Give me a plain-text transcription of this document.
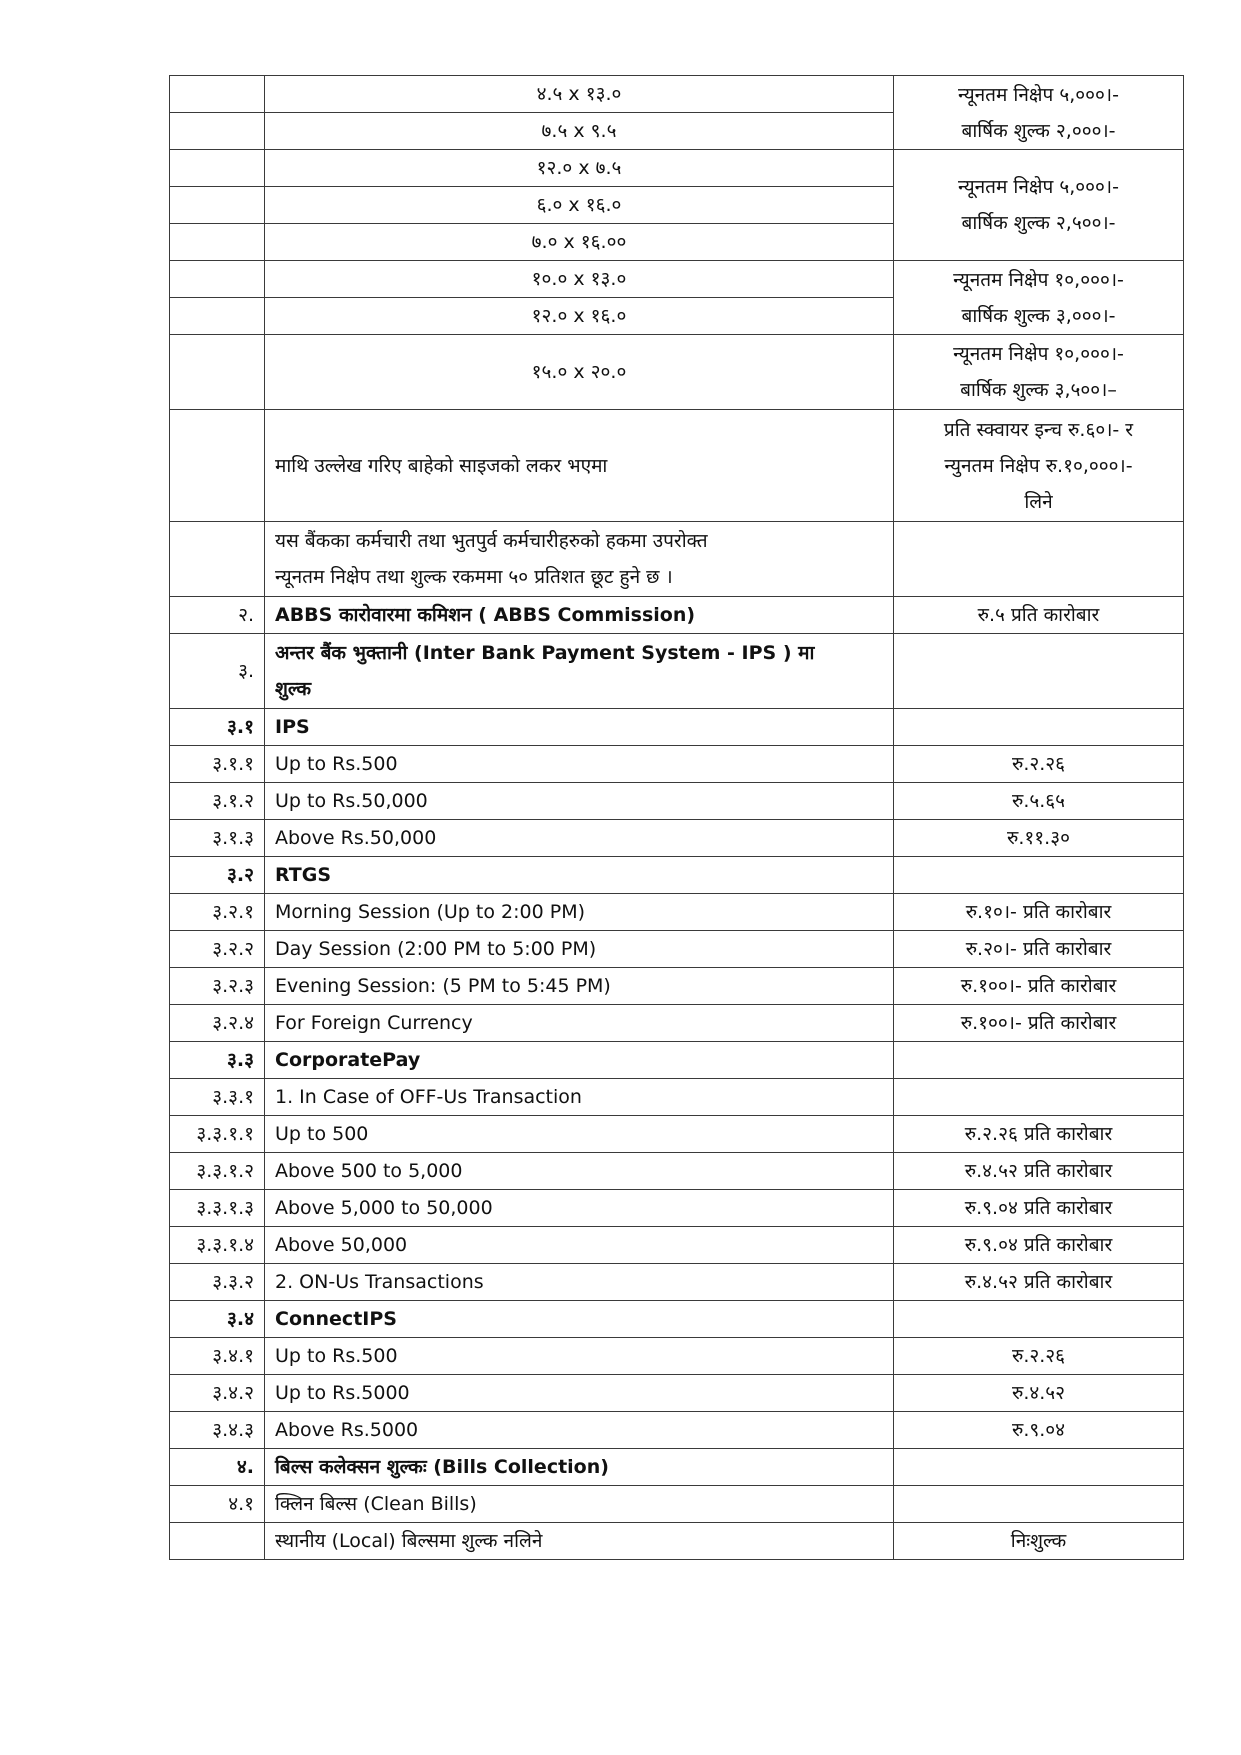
	४.५ x १३.०	न्यूनतम निक्षेप ५,०००।-
बार्षिक शुल्क २,०००।-

	७.५ x ९.५	
	१२.० x ७.५	न्यूनतम निक्षेप ५,०००।-
बार्षिक शुल्क २,५००।-

	६.० x १६.०	
	७.० x १६.००	
	१०.० x १३.०	न्यूनतम निक्षेप १०,०००।-
बार्षिक शुल्क ३,०००।-

	१२.० x १६.०	
	१५.० x २०.०	न्यूनतम निक्षेप १०,०००।-
बार्षिक शुल्क ३,५००।–

	माथि उल्लेख गरिए बाहेको साइजको लकर भएमा	प्रति स्क्वायर इन्च रु.६०।- र
न्युनतम निक्षेप रु.१०,०००।-
लिने

	यस बैंकका कर्मचारी तथा भुतपुर्व कर्मचारीहरुको हकमा उपरोक्त
न्यूनतम निक्षेप तथा शुल्क रकममा ५० प्रतिशत छूट हुने छ ।	

२.	ABBS कारोवारमा कमिशन ( ABBS Commission)	रु.५ प्रति कारोबार
३.	अन्तर बैंक भुक्तानी (Inter Bank Payment System - IPS ) मा
शुल्क	

३.१	IPS	
३.१.१	Up to Rs.500	रु.२.२६
३.१.२	Up to Rs.50,000	रु.५.६५
३.१.३	Above Rs.50,000	रु.११.३०
३.२	RTGS	
३.२.१	Morning Session (Up to 2:00 PM)	रु.१०।- प्रति कारोबार
३.२.२	Day Session (2:00 PM to 5:00 PM)	रु.२०।- प्रति कारोबार
३.२.३	Evening Session: (5 PM to 5:45 PM)	रु.१००।- प्रति कारोबार
३.२.४	For Foreign Currency	रु.१००।- प्रति कारोबार
३.३	CorporatePay	
३.३.१	1. In Case of OFF-Us Transaction	
३.३.१.१	Up to 500	रु.२.२६ प्रति कारोबार
३.३.१.२	Above 500 to 5,000	रु.४.५२ प्रति कारोबार
३.३.१.३	Above 5,000 to 50,000	रु.९.०४ प्रति कारोबार
३.३.१.४	Above 50,000	रु.९.०४ प्रति कारोबार
३.३.२	2. ON-Us Transactions	रु.४.५२ प्रति कारोबार
३.४	ConnectIPS	
३.४.१	Up to Rs.500	रु.२.२६
३.४.२	Up to Rs.5000	रु.४.५२
३.४.३	Above Rs.5000	रु.९.०४
४.	बिल्स कलेक्सन शुल्कः (Bills Collection)	
४.१	क्लिन बिल्स (Clean Bills)	
	स्थानीय (Local) बिल्समा शुल्क नलिने	निःशुल्क
